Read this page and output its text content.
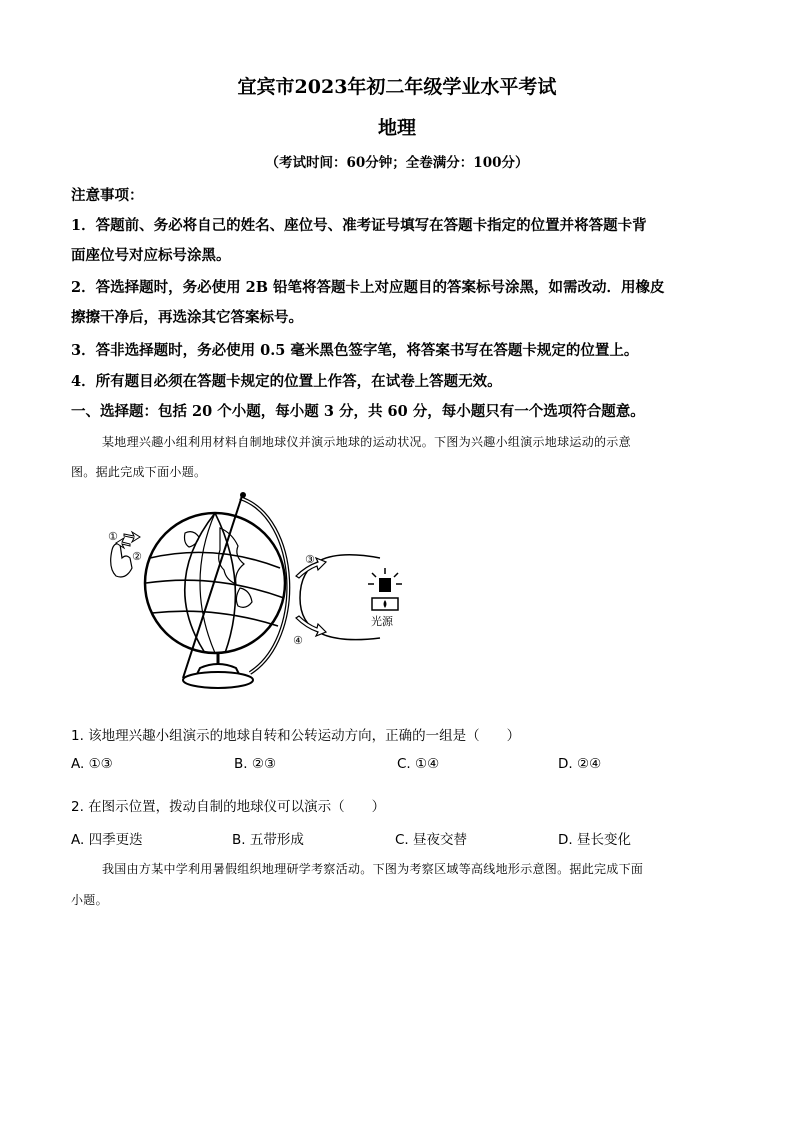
宜宾市2023年初二年级学业水平考试
地理
（考试时间：60分钟；全卷满分：100分）
注意事项：
1．答题前、务必将自己的姓名、座位号、准考证号填写在答题卡指定的位置并将答题卡背
面座位号对应标号涂黑。
2．答选择题时，务必使用 2B 铅笔将答题卡上对应题目的答案标号涂黑，如需改动．用橡皮
擦擦干净后，再选涂其它答案标号。
3．答非选择题时，务必使用 0.5 毫米黑色签字笔，将答案书写在答题卡规定的位置上。
4．所有题目必须在答题卡规定的位置上作答，在试卷上答题无效。
一、选择题：包括 20 个小题，每小题 3 分，共 60 分，每小题只有一个选项符合题意。
某地理兴趣小组利用材料自制地球仪并演示地球的运动状况。下图为兴趣小组演示地球运动的示意
图。据此完成下面小题。
①
②	③
④
光源
1. 该地理兴趣小组演示的地球自转和公转运动方向，正确的一组是（　　）
A. ①③	B. ②③	C. ①④	D. ②④
2. 在图示位置，拨动自制的地球仪可以演示（　　）
A. 四季更迭	B. 五带形成	C. 昼夜交替	D. 昼长变化
我国由方某中学利用暑假组织地理研学考察活动。下图为考察区域等高线地形示意图。据此完成下面
小题。
